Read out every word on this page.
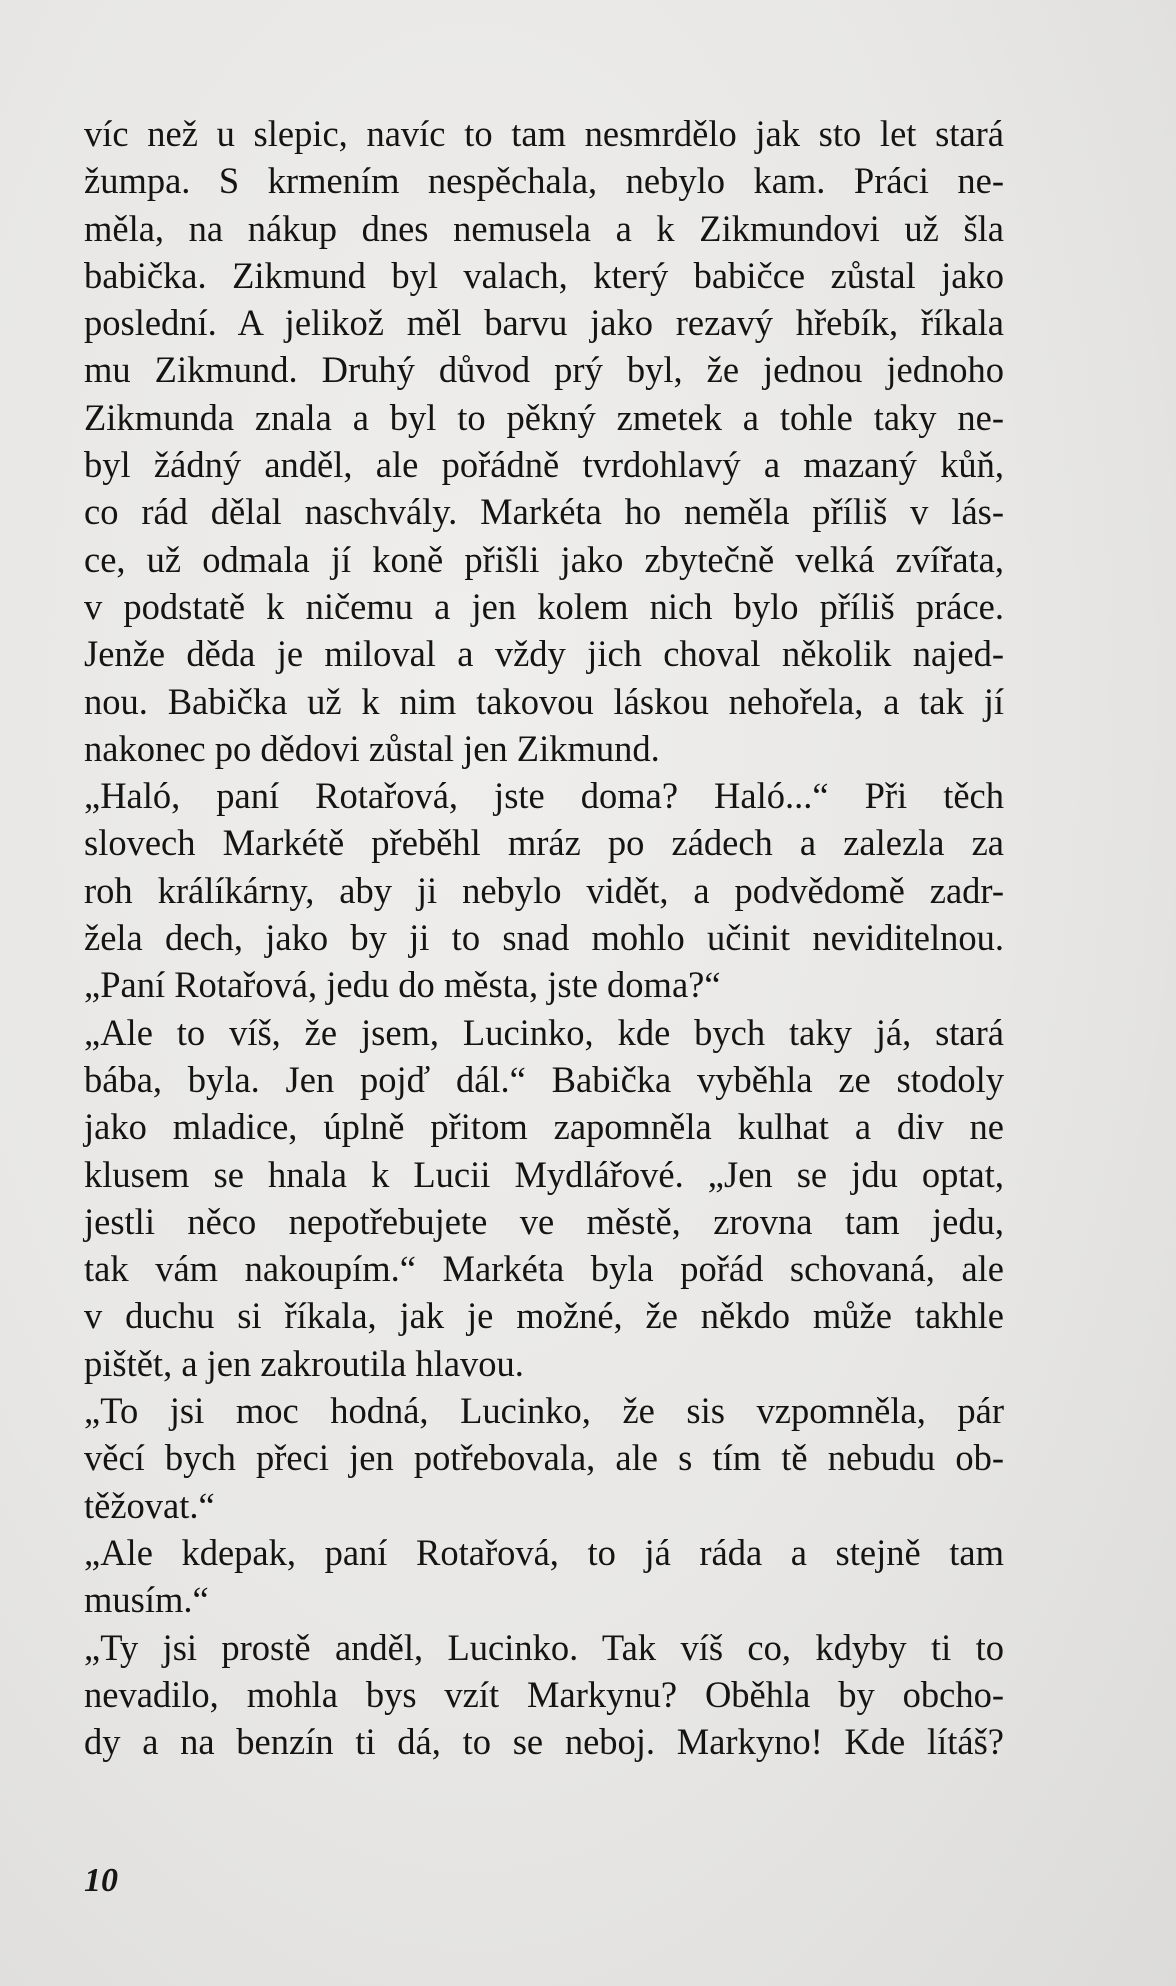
víc než u slepic, navíc to tam nesmrdělo jak sto let stará
žumpa. S krmením nespěchala, nebylo kam. Práci ne-
měla, na nákup dnes nemusela a k Zikmundovi už šla
babička. Zikmund byl valach, který babičce zůstal jako
poslední. A jelikož měl barvu jako rezavý hřebík, říkala
mu Zikmund. Druhý důvod prý byl, že jednou jednoho
Zikmunda znala a byl to pěkný zmetek a tohle taky ne-
byl žádný anděl, ale pořádně tvrdohlavý a mazaný kůň,
co rád dělal naschvály. Markéta ho neměla příliš v lás-
ce, už odmala jí koně přišli jako zbytečně velká zvířata,
v podstatě k ničemu a jen kolem nich bylo příliš práce.
Jenže děda je miloval a vždy jich choval několik najed-
nou. Babička už k nim takovou láskou nehořela, a tak jí
nakonec po dědovi zůstal jen Zikmund.
„Haló, paní Rotařová, jste doma? Haló...“ Při těch
slovech Markétě přeběhl mráz po zádech a zalezla za
roh králíkárny, aby ji nebylo vidět, a podvědomě zadr-
žela dech, jako by ji to snad mohlo učinit neviditelnou.
„Paní Rotařová, jedu do města, jste doma?“
„Ale to víš, že jsem, Lucinko, kde bych taky já, stará
bába, byla. Jen pojď dál.“ Babička vyběhla ze stodoly
jako mladice, úplně přitom zapomněla kulhat a div ne
klusem se hnala k Lucii Mydlářové. „Jen se jdu optat,
jestli něco nepotřebujete ve městě, zrovna tam jedu,
tak vám nakoupím.“ Markéta byla pořád schovaná, ale
v duchu si říkala, jak je možné, že někdo může takhle
pištět, a jen zakroutila hlavou.
„To jsi moc hodná, Lucinko, že sis vzpomněla, pár
věcí bych přeci jen potřebovala, ale s tím tě nebudu ob-
těžovat.“
„Ale kdepak, paní Rotařová, to já ráda a stejně tam
musím.“
„Ty jsi prostě anděl, Lucinko. Tak víš co, kdyby ti to
nevadilo, mohla bys vzít Markynu? Oběhla by obcho-
dy a na benzín ti dá, to se neboj. Markyno! Kde lítáš?
10
